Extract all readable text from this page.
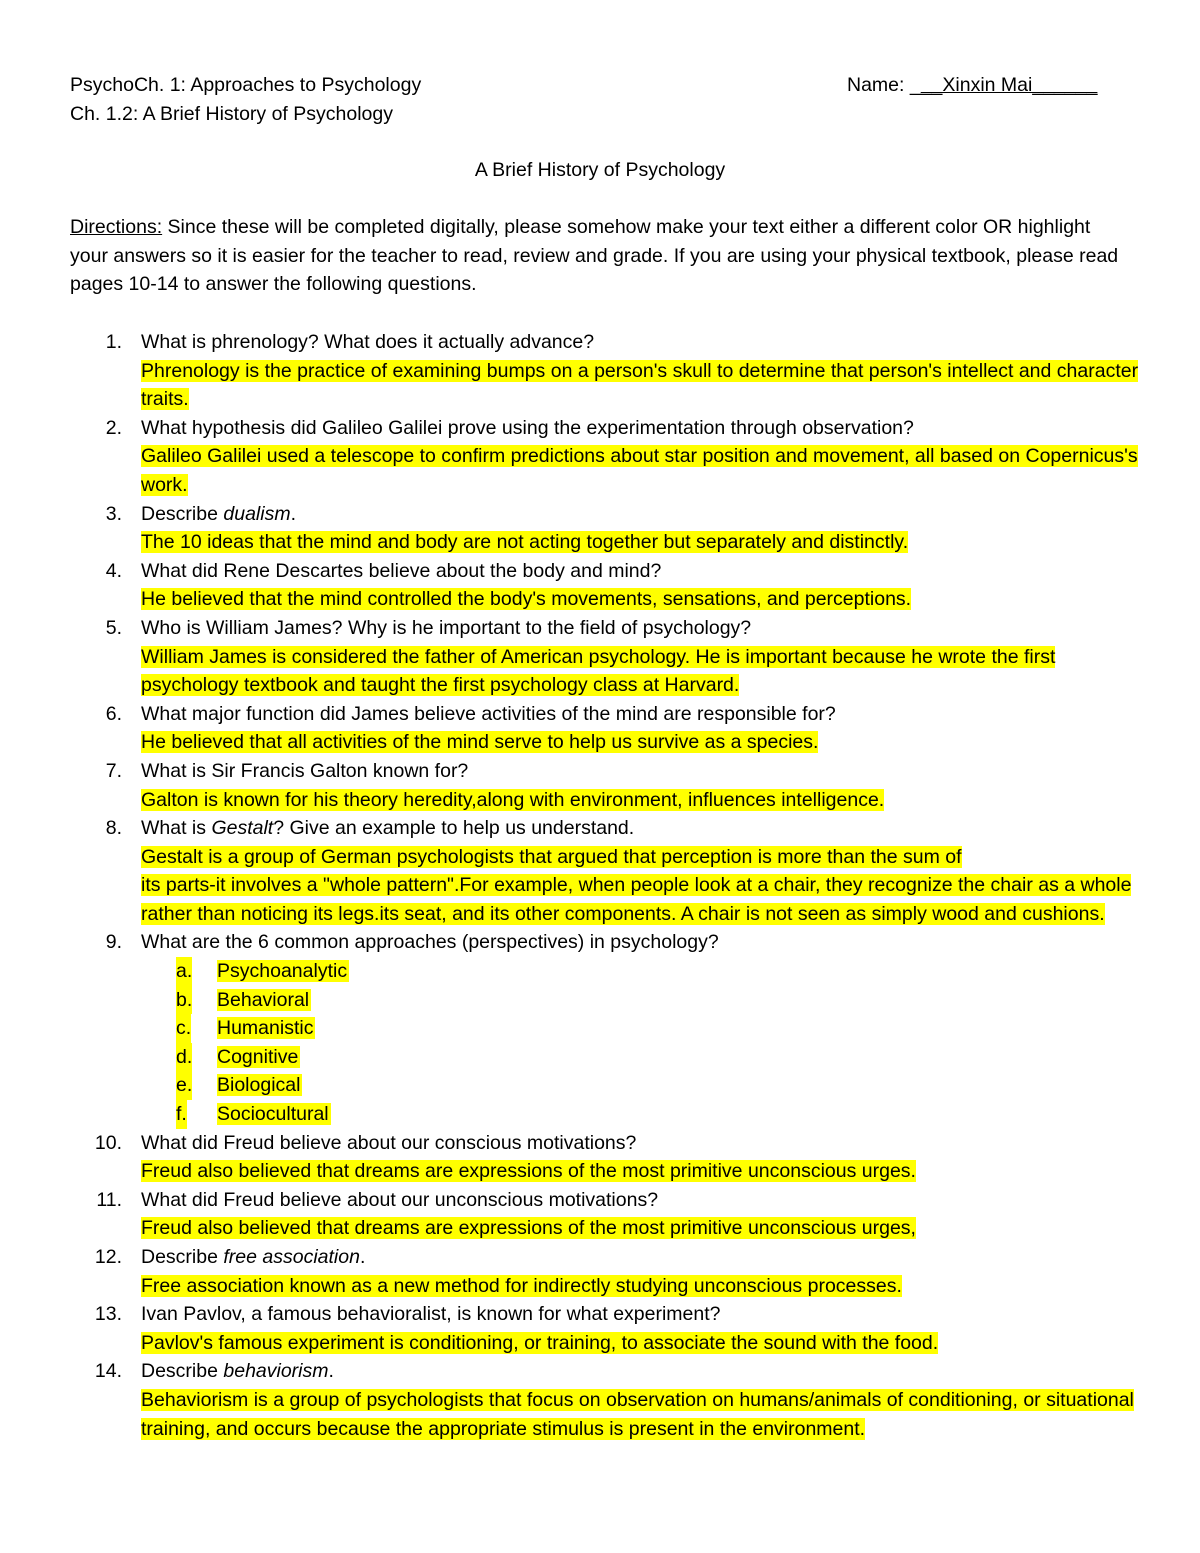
PsychoCh. 1: Approaches to Psychology
Ch. 1.2: A Brief History of Psychology
Name: ___Xinxin Mai______
A Brief History of Psychology
Directions: Since these will be completed digitally, please somehow make your text either a different color OR highlight your answers so it is easier for the teacher to read, review and grade. If you are using your physical textbook, please read pages 10-14 to answer the following questions.
1. What is phrenology? What does it actually advance?
Phrenology is the practice of examining bumps on a person's skull to determine that person's intellect and character traits.
2. What hypothesis did Galileo Galilei prove using the experimentation through observation?
Galileo Galilei used a telescope to confirm predictions about star position and movement, all based on Copernicus's work.
3. Describe dualism.
The 10 ideas that the mind and body are not acting together but separately and distinctly.
4. What did Rene Descartes believe about the body and mind?
He believed that the mind controlled the body's movements, sensations, and perceptions.
5. Who is William James? Why is he important to the field of psychology?
William James is considered the father of American psychology. He is important because he wrote the first psychology textbook and taught the first psychology class at Harvard.
6. What major function did James believe activities of the mind are responsible for?
He believed that all activities of the mind serve to help us survive as a species.
7. What is Sir Francis Galton known for?
Galton is known for his theory heredity,along with environment, influences intelligence.
8. What is Gestalt? Give an example to help us understand.
Gestalt is a group of German psychologists that argued that perception is more than the sum of
its parts-it involves a "whole pattern".For example, when people look at a chair, they recognize the chair as a whole rather than noticing its legs.its seat, and its other components. A chair is not seen as simply wood and cushions.
9. What are the 6 common approaches (perspectives) in psychology?
a. Psychoanalytic
b. Behavioral
c. Humanistic
d. Cognitive
e. Biological
f. Sociocultural
10. What did Freud believe about our conscious motivations?
Freud also believed that dreams are expressions of the most primitive unconscious urges.
11. What did Freud believe about our unconscious motivations?
Freud also believed that dreams are expressions of the most primitive unconscious urges,
12. Describe free association.
Free association known as a new method for indirectly studying unconscious processes.
13. Ivan Pavlov, a famous behavioralist, is known for what experiment?
Pavlov's famous experiment is conditioning, or training, to associate the sound with the food.
14. Describe behaviorism.
Behaviorism is a group of psychologists that focus on observation on humans/animals of conditioning, or situational training, and occurs because the appropriate stimulus is present in the environment.
